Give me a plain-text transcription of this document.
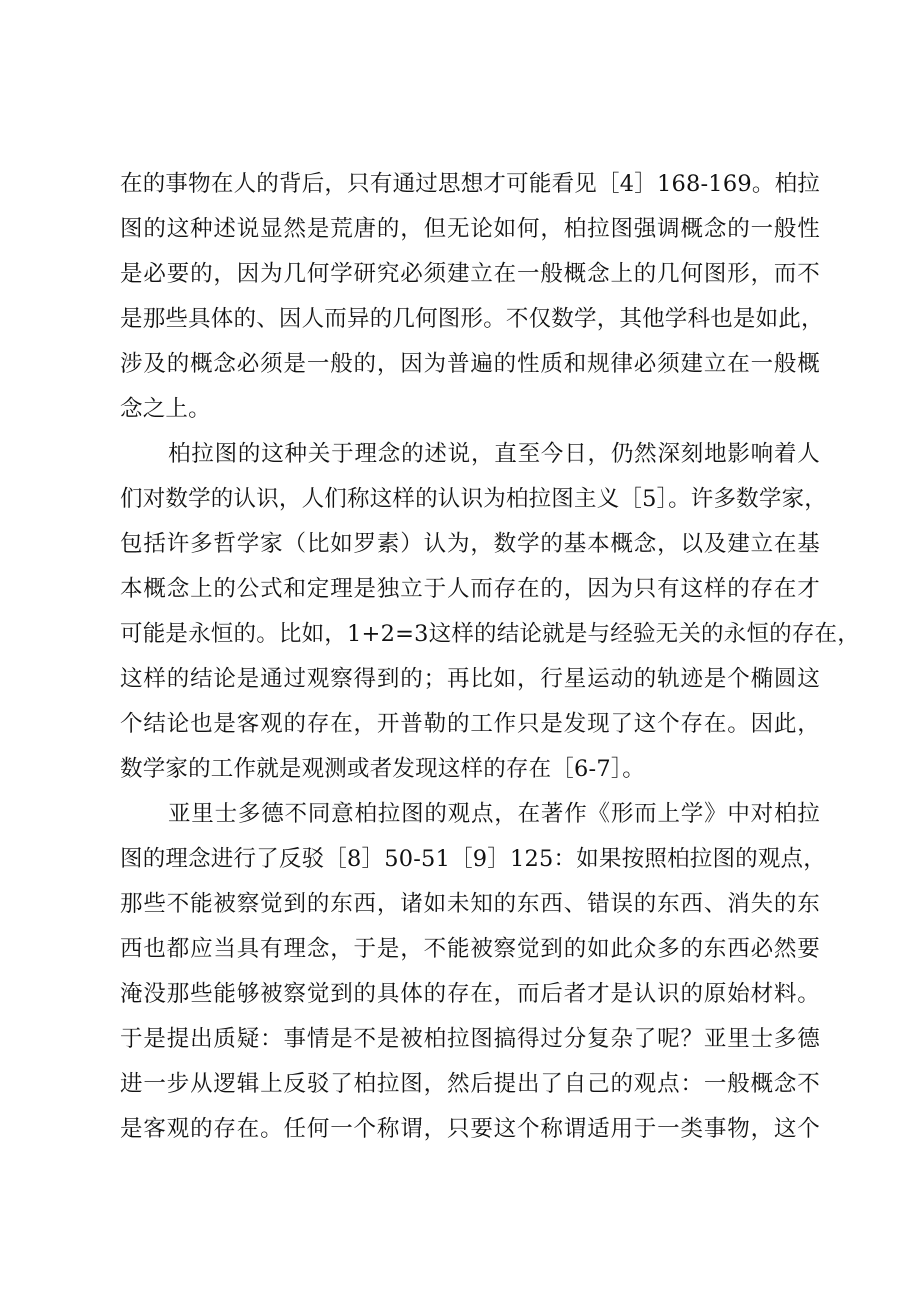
在的事物在人的背后，只有通过思想才可能看见［4］168-169。柏拉
图的这种述说显然是荒唐的，但无论如何，柏拉图强调概念的一般性
是必要的，因为几何学研究必须建立在一般概念上的几何图形，而不
是那些具体的、因人而异的几何图形。不仅数学，其他学科也是如此，
涉及的概念必须是一般的，因为普遍的性质和规律必须建立在一般概
念之上。
柏拉图的这种关于理念的述说，直至今日，仍然深刻地影响着人
们对数学的认识，人们称这样的认识为柏拉图主义［5］。许多数学家，
包括许多哲学家（比如罗素）认为，数学的基本概念，以及建立在基
本概念上的公式和定理是独立于人而存在的，因为只有这样的存在才
可能是永恒的。比如，1+2=3这样的结论就是与经验无关的永恒的存在，
这样的结论是通过观察得到的；再比如，行星运动的轨迹是个椭圆这
个结论也是客观的存在，开普勒的工作只是发现了这个存在。因此，
数学家的工作就是观测或者发现这样的存在［6-7］。
亚里士多德不同意柏拉图的观点，在著作《形而上学》中对柏拉
图的理念进行了反驳［8］50-51［9］125：如果按照柏拉图的观点，
那些不能被察觉到的东西，诸如未知的东西、错误的东西、消失的东
西也都应当具有理念，于是，不能被察觉到的如此众多的东西必然要
淹没那些能够被察觉到的具体的存在，而后者才是认识的原始材料。
于是提出质疑：事情是不是被柏拉图搞得过分复杂了呢？亚里士多德
进一步从逻辑上反驳了柏拉图，然后提出了自己的观点：一般概念不
是客观的存在。任何一个称谓，只要这个称谓适用于一类事物，这个
